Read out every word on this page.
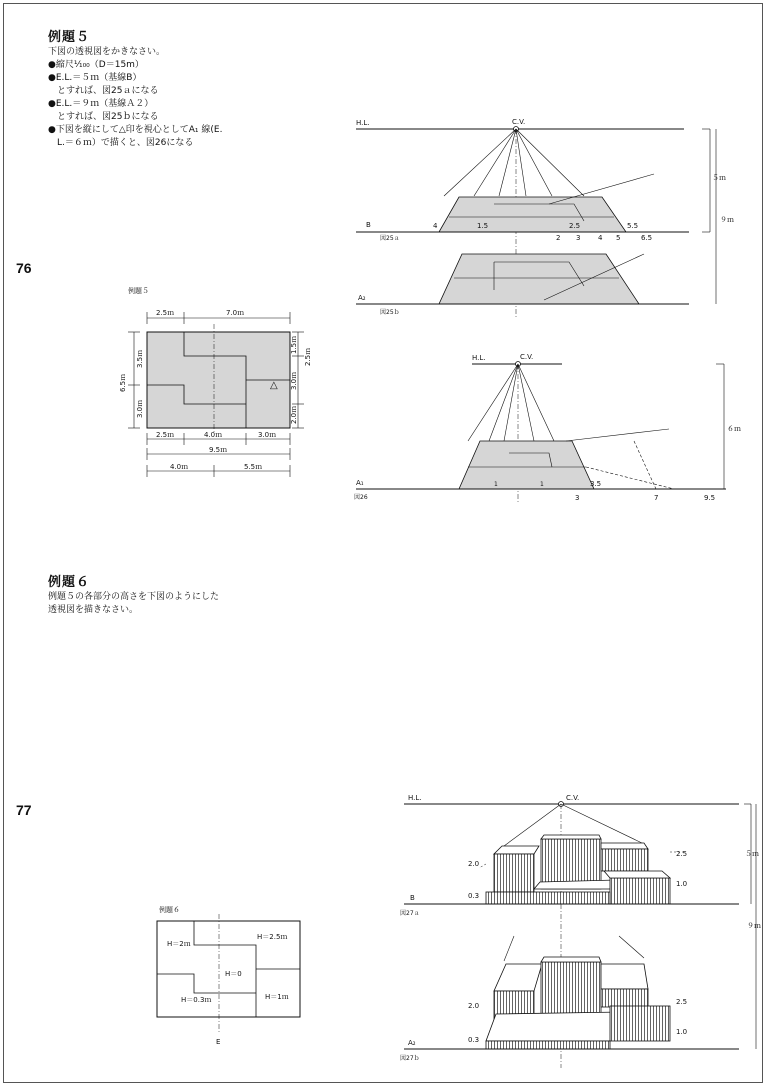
例題５
下図の透視図をかきなさい。
●縮尺⅟₁₀₀（D＝15m）
●E.L.＝５ｍ（基線B）
　とすれば、図25ａになる
●E.L.＝９ｍ（基線Ａ２）
　とすれば、図25ｂになる
●下図を縦にして△印を視心としてA₁ 線(E.
　L.＝６ｍ）で描くと、図26になる
76
例題５
2.5ｍ	7.0ｍ
△
6.5ｍ
3.5ｍ
3.0ｍ
1.5ｍ
3.0ｍ
2.0ｍ
2.5ｍ
2.5ｍ	4.0ｍ	3.0ｍ
9.5ｍ
4.0ｍ	5.5ｍ
H.L.	C.V.
B
図25ａ
4	1.5	2.5	5.5
2 3	4 5	6.5
A₂
図25ｂ
５ｍ
９ｍ
H.L.	C.V.
A₁
図26
1	1	3.5
3	7	9.5
６ｍ
例題６
例題５の各部分の高さを下図のようにした
透視図を描きなさい。
77
例題６
H＝2ｍ
H＝2.5ｍ
H＝0
H＝0.3ｍ	H＝1ｍ
E
H.L.	C.V.
B
図27ａ
2.0
0.3
2.5
1.0
A₂
図27ｂ
2.0
0.3
2.5
1.0
５ｍ
９ｍ
